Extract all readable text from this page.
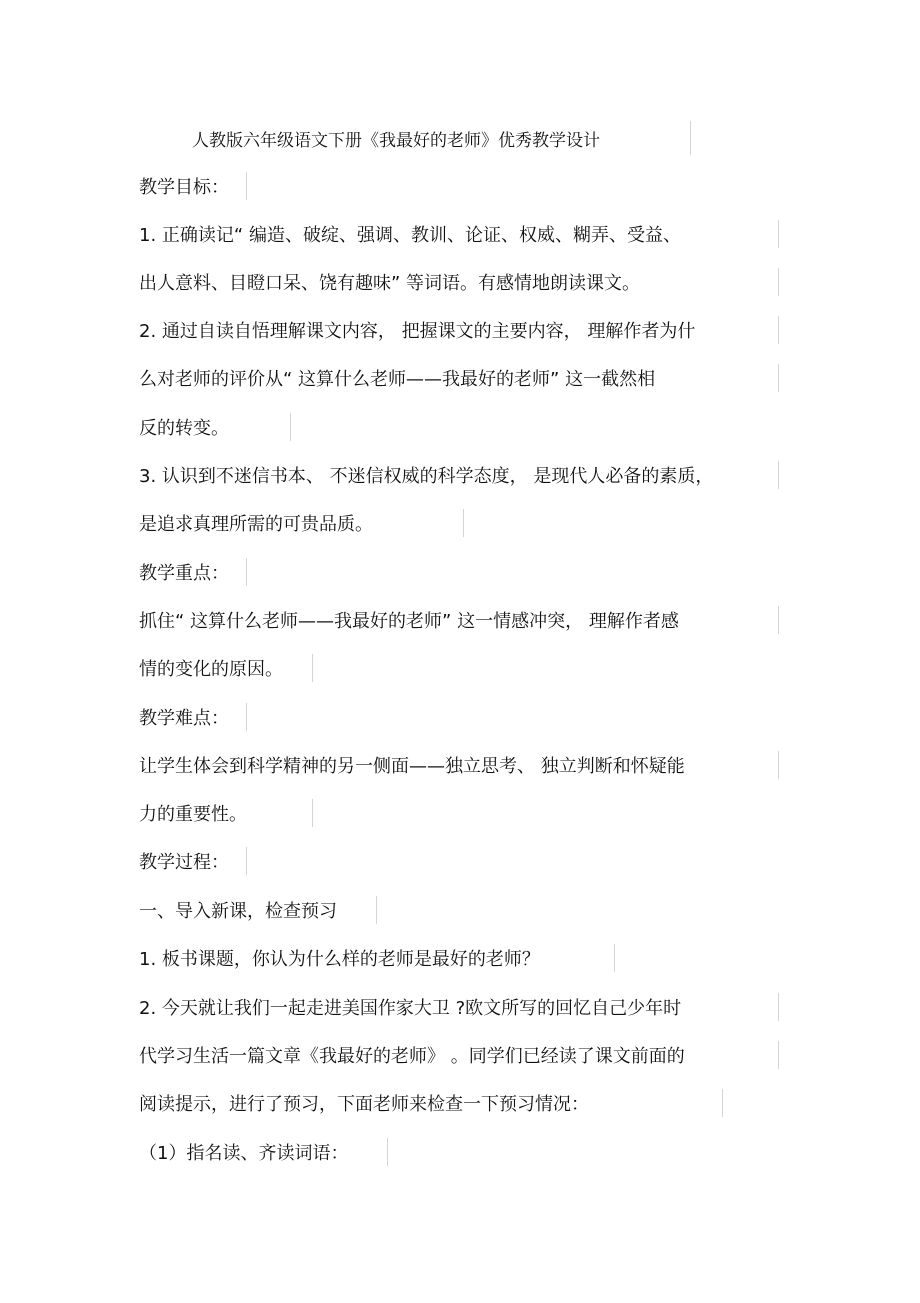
人教版六年级语文下册《我最好的老师》优秀教学设计
教学目标：
1. 正确读记“ 编造、破绽、强调、教训、论证、权威、糊弄、受益、
出人意料、目瞪口呆、饶有趣味” 等词语。有感情地朗读课文。
2. 通过自读自悟理解课文内容， 把握课文的主要内容， 理解作者为什
么对老师的评价从“ 这算什么老师——我最好的老师” 这一截然相
反的转变。
3. 认识到不迷信书本、 不迷信权威的科学态度， 是现代人必备的素质，
是追求真理所需的可贵品质。
教学重点：
抓住“ 这算什么老师——我最好的老师” 这一情感冲突， 理解作者感
情的变化的原因。
教学难点：
让学生体会到科学精神的另一侧面——独立思考、 独立判断和怀疑能
力的重要性。
教学过程：
一、导入新课，检查预习
1. 板书课题，你认为什么样的老师是最好的老师？
2. 今天就让我们一起走进美国作家大卫 ?欧文所写的回忆自己少年时
代学习生活一篇文章《我最好的老师》 。同学们已经读了课文前面的
阅读提示，进行了预习，下面老师来检查一下预习情况：
（1）指名读、齐读词语：
